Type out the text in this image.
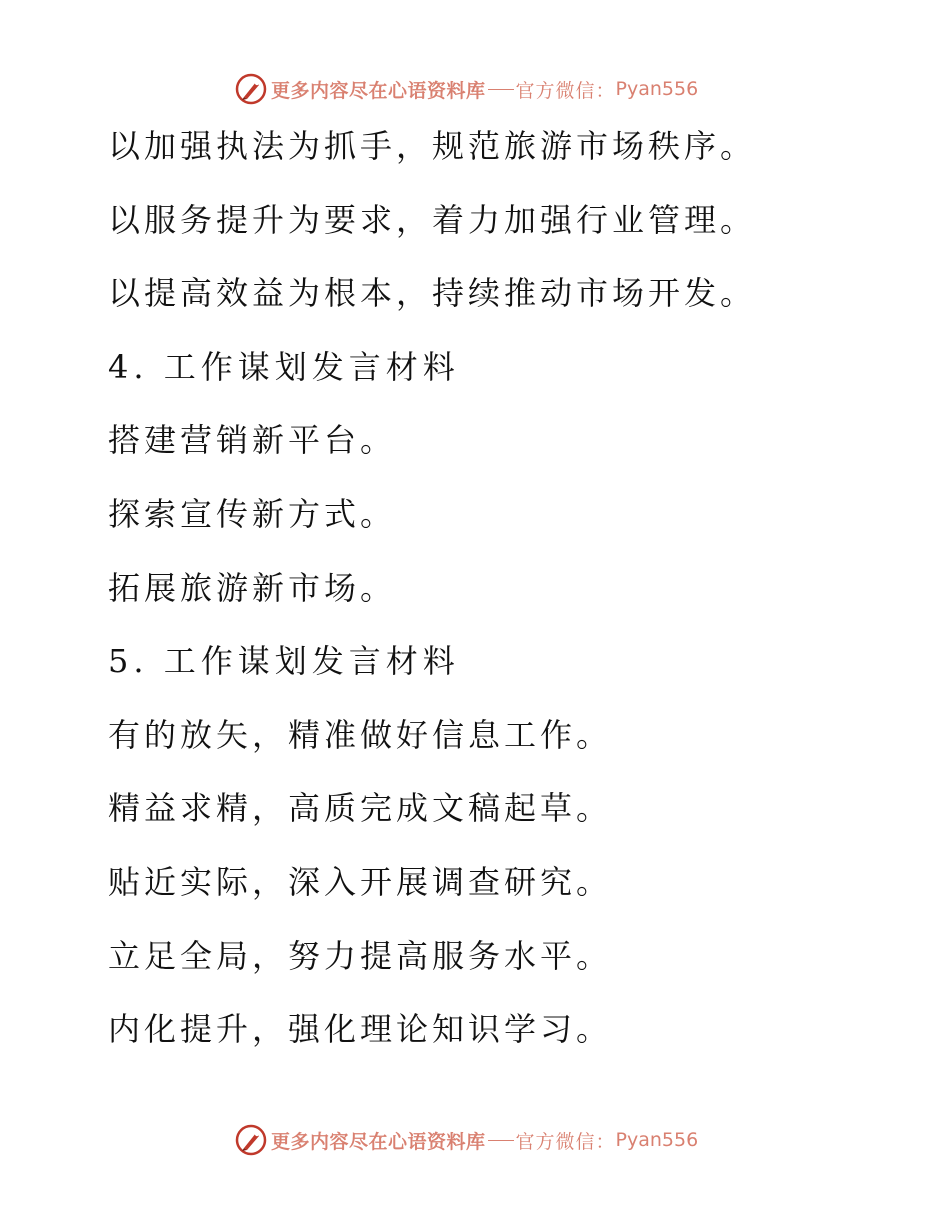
更多内容尽在心语资料库 官方微信： Pyan556
以加强执法为抓手，规范旅游市场秩序。
以服务提升为要求，着力加强行业管理。
以提高效益为根本，持续推动市场开发。
4. 工作谋划发言材料
搭建营销新平台。
探索宣传新方式。
拓展旅游新市场。
5. 工作谋划发言材料
有的放矢，精准做好信息工作。
精益求精，高质完成文稿起草。
贴近实际，深入开展调查研究。
立足全局，努力提高服务水平。
内化提升，强化理论知识学习。
更多内容尽在心语资料库 官方微信： Pyan556
